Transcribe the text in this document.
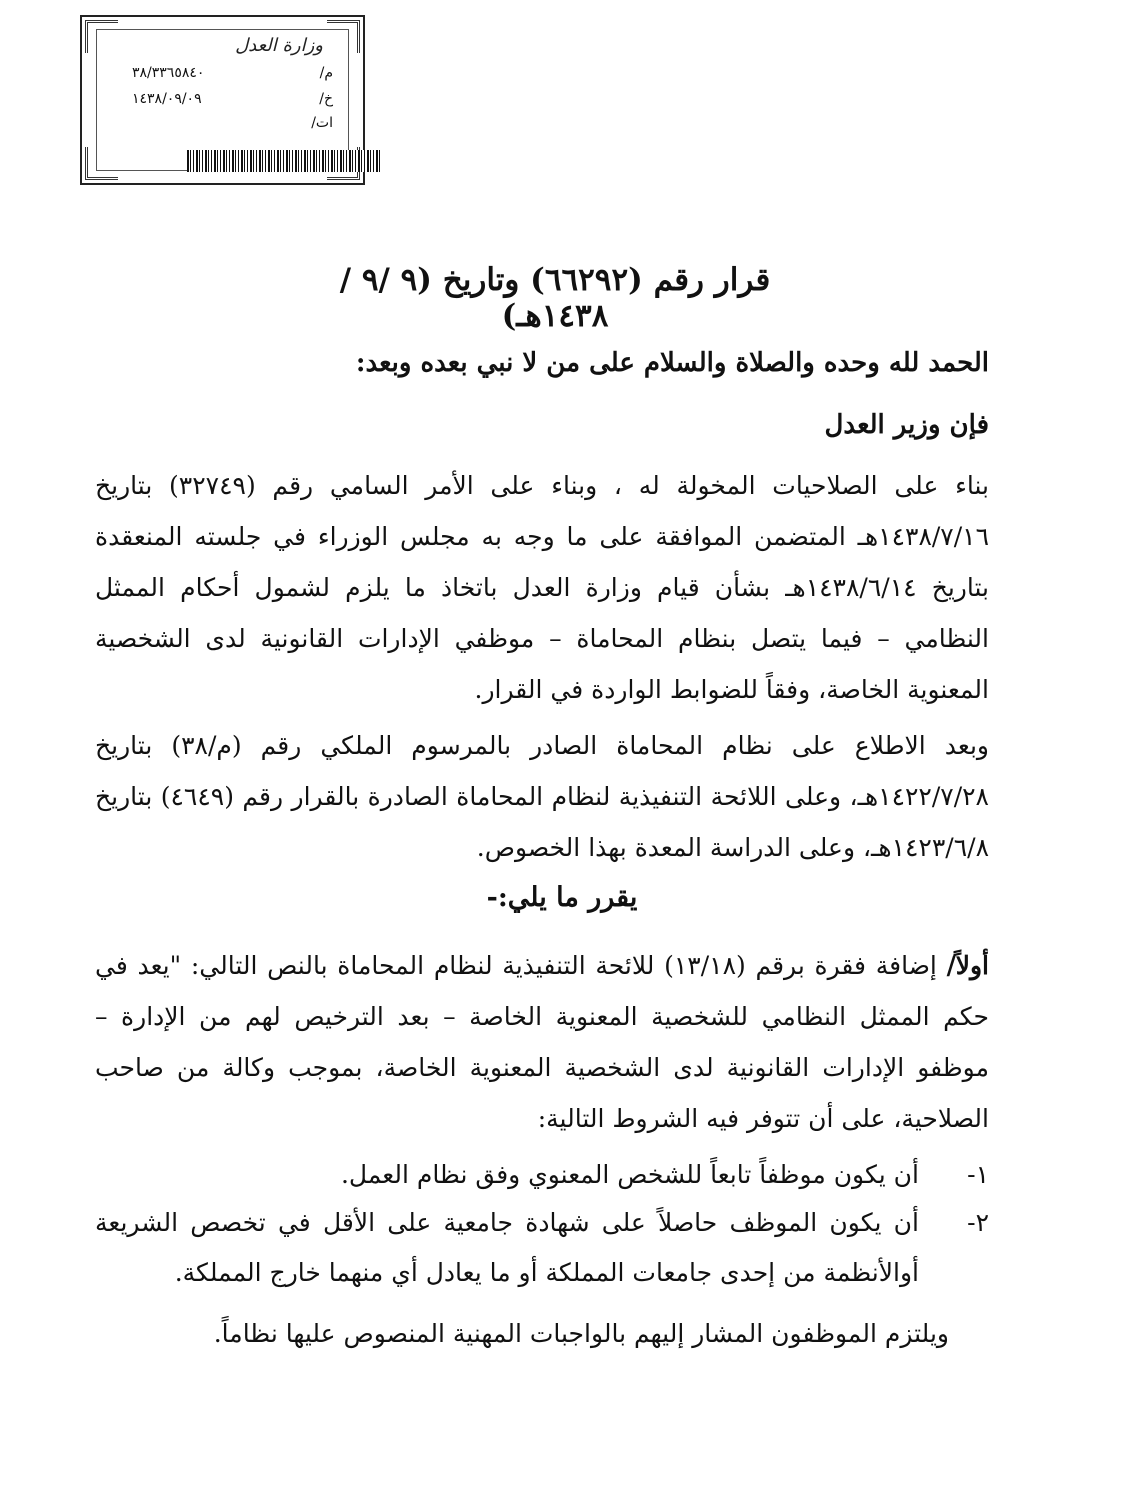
وزارة العدل
م/
٣٨/٣٣٦٥٨٤٠
خ/
١٤٣٨/٠٩/٠٩
ات/
قرار رقم (٦٦٢٩٢) وتاريخ (٩ /٩ /١٤٣٨هـ)
الحمد لله وحده والصلاة والسلام على من لا نبي بعده وبعد:
فإن وزير العدل
بناء على الصلاحيات المخولة له ، وبناء على الأمر السامي رقم (٣٢٧٤٩) بتاريخ ١٤٣٨/٧/١٦هـ المتضمن الموافقة على ما وجه به مجلس الوزراء في جلسته المنعقدة بتاريخ ١٤٣٨/٦/١٤هـ بشأن قيام وزارة العدل باتخاذ ما يلزم لشمول أحكام الممثل النظامي – فيما يتصل بنظام المحاماة – موظفي الإدارات القانونية لدى الشخصية المعنوية الخاصة، وفقاً للضوابط الواردة في القرار.
وبعد الاطلاع على نظام المحاماة الصادر بالمرسوم الملكي رقم (م/٣٨) بتاريخ ١٤٢٢/٧/٢٨هـ، وعلى اللائحة التنفيذية لنظام المحاماة الصادرة بالقرار رقم (٤٦٤٩) بتاريخ ١٤٢٣/٦/٨هـ، وعلى الدراسة المعدة بهذا الخصوص.
يقرر ما يلي:-
أولاً/ إضافة فقرة برقم (١٣/١٨) للائحة التنفيذية لنظام المحاماة بالنص التالي: "يعد في حكم الممثل النظامي للشخصية المعنوية الخاصة – بعد الترخيص لهم من الإدارة –موظفو الإدارات القانونية لدى الشخصية المعنوية الخاصة، بموجب وكالة من صاحب الصلاحية، على أن تتوفر فيه الشروط التالية:
١-
أن يكون موظفاً تابعاً للشخص المعنوي وفق نظام العمل.
٢-
أن يكون الموظف حاصلاً على شهادة جامعية على الأقل في تخصص الشريعة أوالأنظمة من إحدى جامعات المملكة أو ما يعادل أي منهما خارج المملكة.
ويلتزم الموظفون المشار إليهم بالواجبات المهنية المنصوص عليها نظاماً.
